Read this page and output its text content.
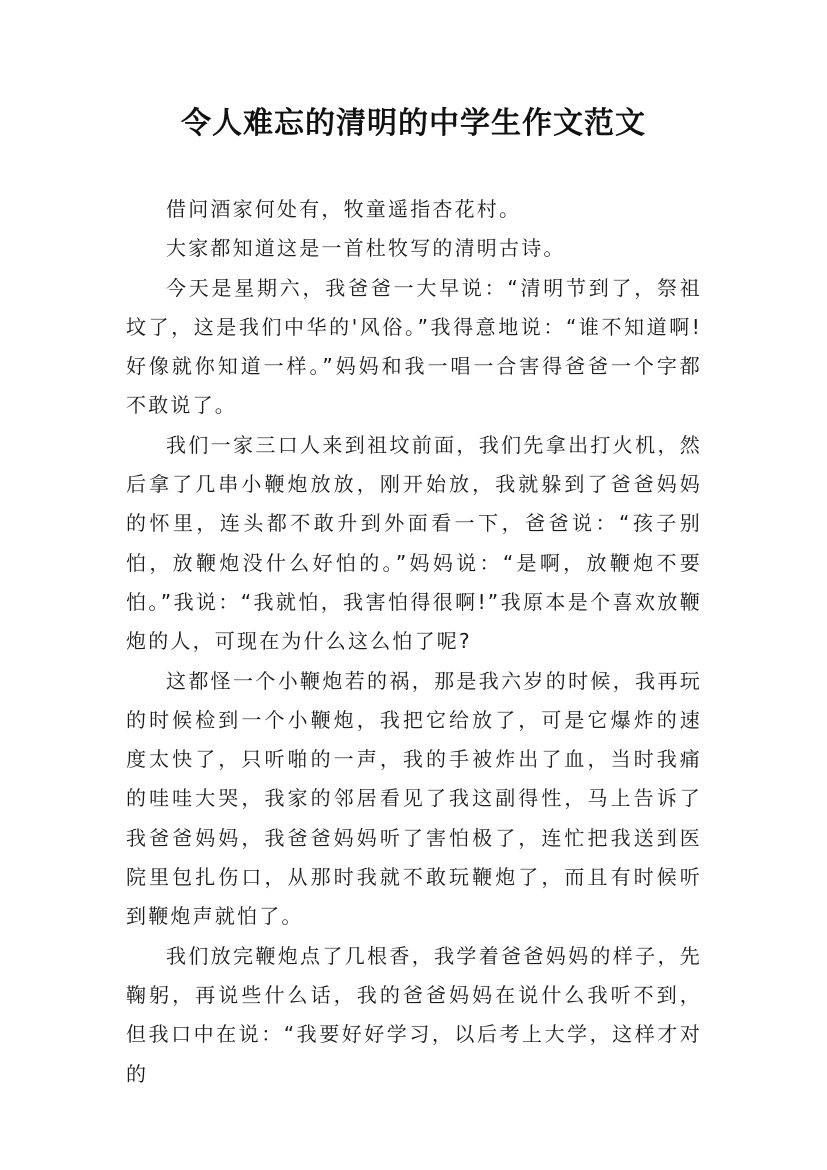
令人难忘的清明的中学生作文范文

借问酒家何处有，牧童遥指杏花村。

大家都知道这是一首杜牧写的清明古诗。

今天是星期六，我爸爸一大早说：“清明节到了，祭祖坟了，这是我们中华的'风俗。”我得意地说：“谁不知道啊!好像就你知道一样。”妈妈和我一唱一合害得爸爸一个字都不敢说了。

我们一家三口人来到祖坟前面，我们先拿出打火机，然后拿了几串小鞭炮放放，刚开始放，我就躲到了爸爸妈妈的怀里，连头都不敢升到外面看一下，爸爸说：“孩子别怕，放鞭炮没什么好怕的。”妈妈说：“是啊，放鞭炮不要怕。”我说：“我就怕，我害怕得很啊!”我原本是个喜欢放鞭炮的人，可现在为什么这么怕了呢?

这都怪一个小鞭炮若的祸，那是我六岁的时候，我再玩的时候检到一个小鞭炮，我把它给放了，可是它爆炸的速度太快了，只听啪的一声，我的手被炸出了血，当时我痛的哇哇大哭，我家的邻居看见了我这副得性，马上告诉了我爸爸妈妈，我爸爸妈妈听了害怕极了，连忙把我送到医院里包扎伤口，从那时我就不敢玩鞭炮了，而且有时候听到鞭炮声就怕了。

我们放完鞭炮点了几根香，我学着爸爸妈妈的样子，先鞠躬，再说些什么话，我的爸爸妈妈在说什么我听不到，但我口中在说：“我要好好学习，以后考上大学，这样才对的
